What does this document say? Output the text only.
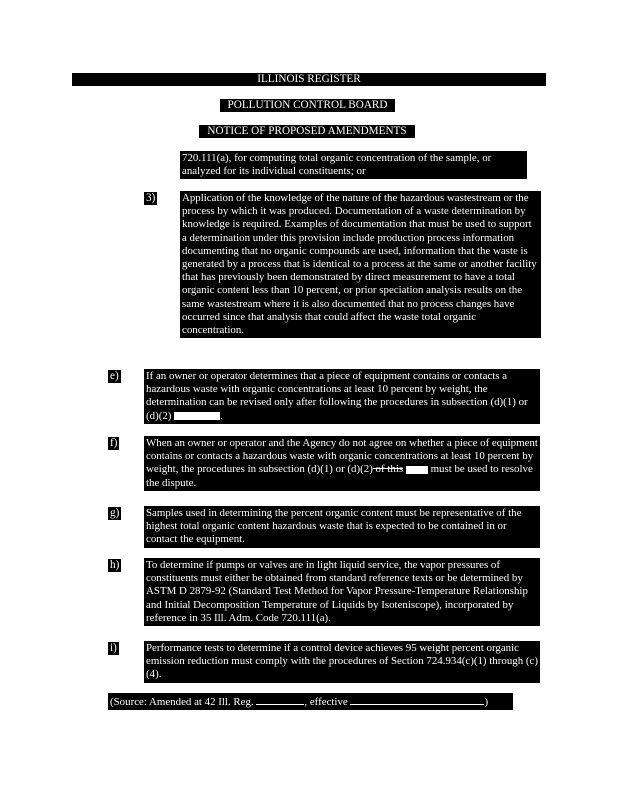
ILLINOIS REGISTER
POLLUTION CONTROL BOARD
NOTICE OF PROPOSED AMENDMENTS
720.111(a), for computing total organic concentration of the sample, or analyzed for its individual constituents; or
3) Application of the knowledge of the nature of the hazardous wastestream or the process by which it was produced. Documentation of a waste determination by knowledge is required. Examples of documentation that must be used to support a determination under this provision include production process information documenting that no organic compounds are used, information that the waste is generated by a process that is identical to a process at the same or another facility that has previously been demonstrated by direct measurement to have a total organic content less than 10 percent, or prior speciation analysis results on the same wastestream where it is also documented that no process changes have occurred since that analysis that could affect the waste total organic concentration.
e)	If an owner or operator determines that a piece of equipment contains or contacts a hazardous waste with organic concentrations at least 10 percent by weight, the determination can be revised only after following the procedures in subsection (d)(1) or (d)(2)	.
f)	When an owner or operator and the Agency do not agree on whether a piece of equipment contains or contacts a hazardous waste with organic concentrations at least 10 percent by weight, the procedures in subsection (d)(1) or (d)(2) of this	must be used to resolve the dispute.
g) Samples used in determining the percent organic content must be representative of the highest total organic content hazardous waste that is expected to be contained in or contact the equipment.
h) To determine if pumps or valves are in light liquid service, the vapor pressures of constituents must either be obtained from standard reference texts or be determined by ASTM D 2879-92 (Standard Test Method for Vapor Pressure-Temperature Relationship and Initial Decomposition Temperature of Liquids by Isoteniscope), incorporated by reference in 35 Ill. Adm. Code 720.111(a).
i)	Performance tests to determine if a control device achieves 95 weight percent organic emission reduction must comply with the procedures of Section 724.934(c)(1) through (c)(4).
(Source: Amended at 42 Ill. Reg.	, effective	)
